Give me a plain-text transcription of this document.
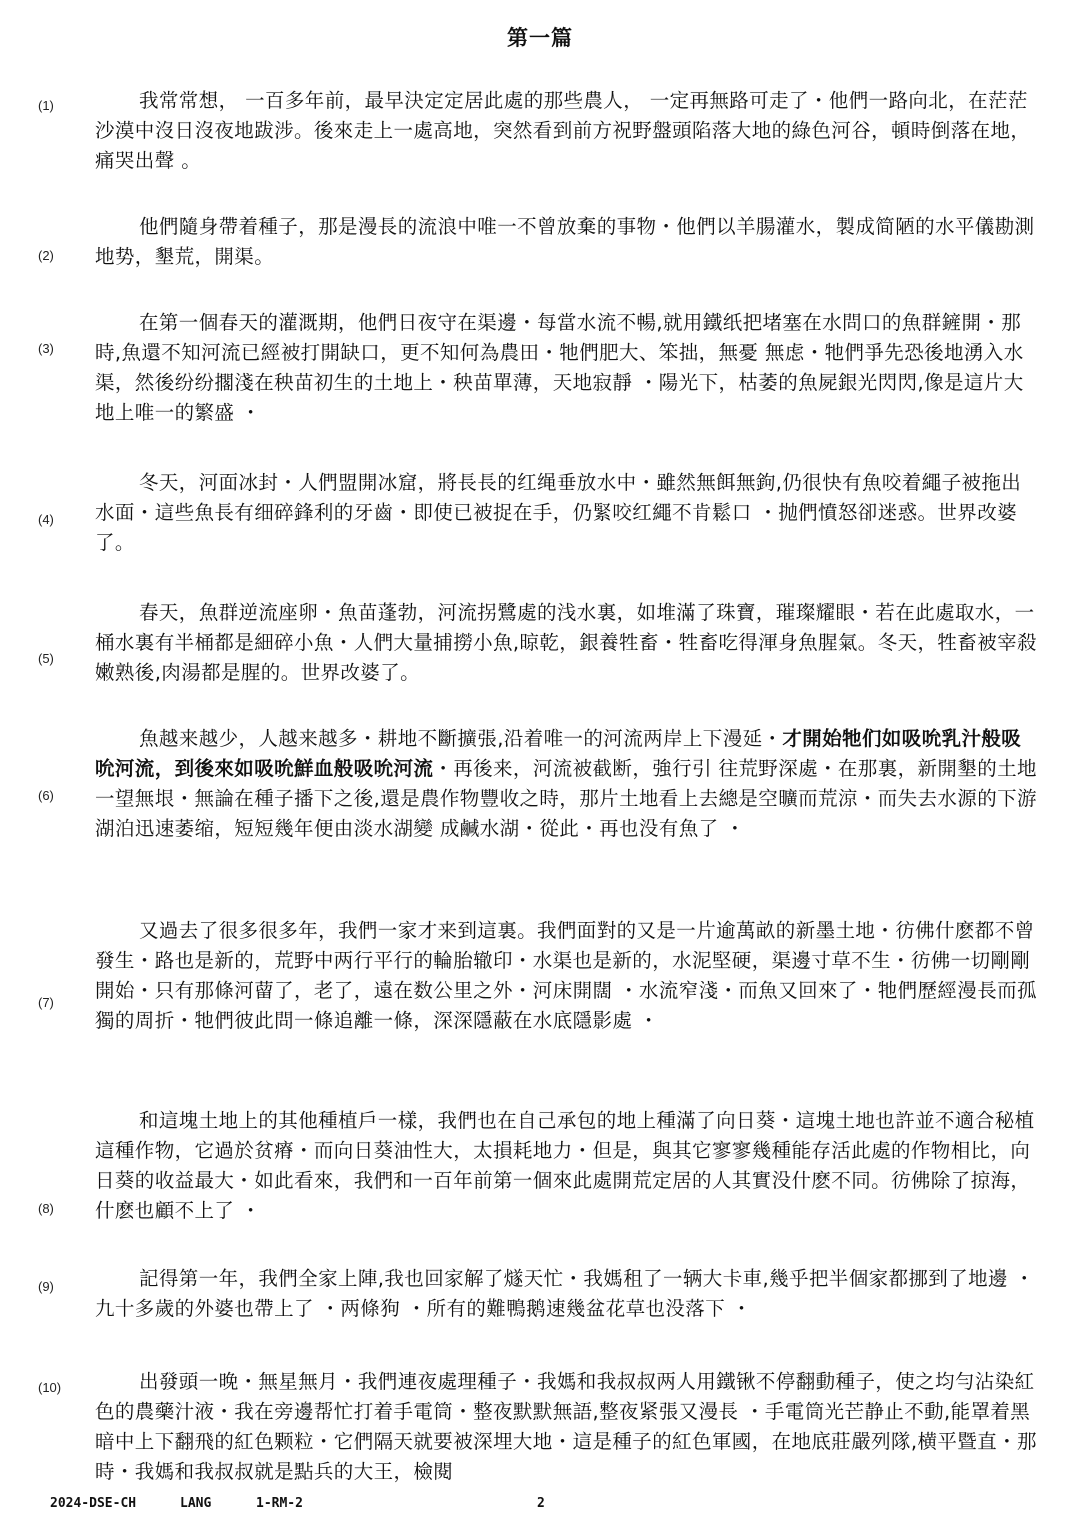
第一篇
(1)	我常常想， 一百多年前，最早決定定居此處的那些農人， 一定再無路可走了・他們一路向北，在茫茫沙漠中沒日沒夜地跋涉。後來走上一處高地，突然看到前方祝野盤頭陷落大地的綠色河谷，頓時倒落在地，痛哭出聲 。

(2)

他們隨身帶着種子，那是漫長的流浪中唯一不曾放棄的事物・他們以羊腸灌水，製成简陋的水平儀勘測地势，墾荒，開渠。

(3)

在第一個春天的灌溉期，他們日夜守在渠邊・每當水流不暢,就用鐵纸把堵塞在水問口的魚群鏟開・那時,魚還不知河流已經被打開缺口，更不知何為農田・牠們肥大、笨拙，無憂 無虑・牠們爭先恐後地湧入水渠，然後纷纷擱淺在秧苗初生的土地上・秧苗單薄，天地寂靜 ・陽光下，枯萎的魚屍銀光閃閃,像是這片大地上唯一的繁盛 ・

(4)

冬天，河面冰封・人們盟開冰窟，將長長的红绳垂放水中・雖然無餌無鉤,仍很快有魚咬着繩子被拖出水面・這些魚長有细碎鋒利的牙齒・即使已被捉在手，仍緊咬红繩不肯鬆口 ・抛們憤怒卻迷惑。世界改婆了。

(5)

春天，魚群逆流座卵・魚苗蓬勃，河流拐鷺處的浅水裏，如堆滿了珠寶，璀璨耀眼・若在此處取水，一桶水裏有半桶都是細碎小魚・人們大量捕撈小魚,晾乾，銀養牲畜・牲畜吃得渾身魚腥氣。冬天，牲畜被宰殺嫩熟後,肉湯都是腥的。世界改婆了。

(6)

魚越来越少，人越来越多・耕地不斷擴張,沿着唯一的河流两岸上下漫延・才開始牠们如吸吮乳汁般吸吮河流，到後來如吸吮鮮血般吸吮河流・再後来，河流被截断，強行引 往荒野深處・在那裏，新開墾的土地一望無垠・無論在種子播下之後,還是農作物豐收之時，那片土地看上去總是空曠而荒涼・而失去水源的下游湖泊迅速萎缩，短短幾年便由淡水湖變 成鹹水湖・從此・再也没有魚了 ・

(7)

又過去了很多很多年，我們一家才来到這裏。我們面對的又是一片逾萬畝的新墨土地・彷佛什麽都不曾發生・路也是新的，荒野中两行平行的輪胎辙印・水渠也是新的，水泥堅硬，渠邊寸草不生・彷佛一切剛剛開始・只有那條河蒥了，老了，遠在数公里之外・河床開闊 ・水流窄淺・而魚又回來了・牠們歷經漫長而孤獨的周折・牠們彼此問一條追離一條，深深隱蔽在水底隱影處 ・

(8)

和這塊土地上的其他種植戶一樣，我們也在自己承包的地上種滿了向日葵・這塊土地也許並不適合秘植這種作物，它過於贫瘠・而向日葵油性大，太損耗地力・但是，與其它寥寥幾種能存活此處的作物相比，向日葵的收益最大・如此看來，我們和一百年前第一個來此處開荒定居的人其實没什麽不同。彷佛除了掠海，什麽也顧不上了 ・

(9)	記得第一年，我們全家上陣,我也回家解了燧天忙・我媽租了一辆大卡車,幾乎把半個家都挪到了地邊 ・九十多歲的外婆也帶上了 ・两條狗 ・所有的難鴨鹅速幾盆花草也没落下 ・

(10)	出發頭一晚・無星無月・我們連夜處理種子・我媽和我叔叔两人用鐵锹不停翻動種子，使之均勻沾染紅色的農藥汁液・我在旁邊帮忙打着手電筒・整夜默默無語,整夜紧張又漫長 ・手電筒光芒静止不動,能罩着黑暗中上下翻飛的紅色颗粒・它們隔天就要被深埋大地・這是種子的紅色軍國，在地底莊嚴列隊,横平暨直・那時・我媽和我叔叔就是點兵的大王，檢閱

2024-DSE-CH	LANG	1-RM-2	2
